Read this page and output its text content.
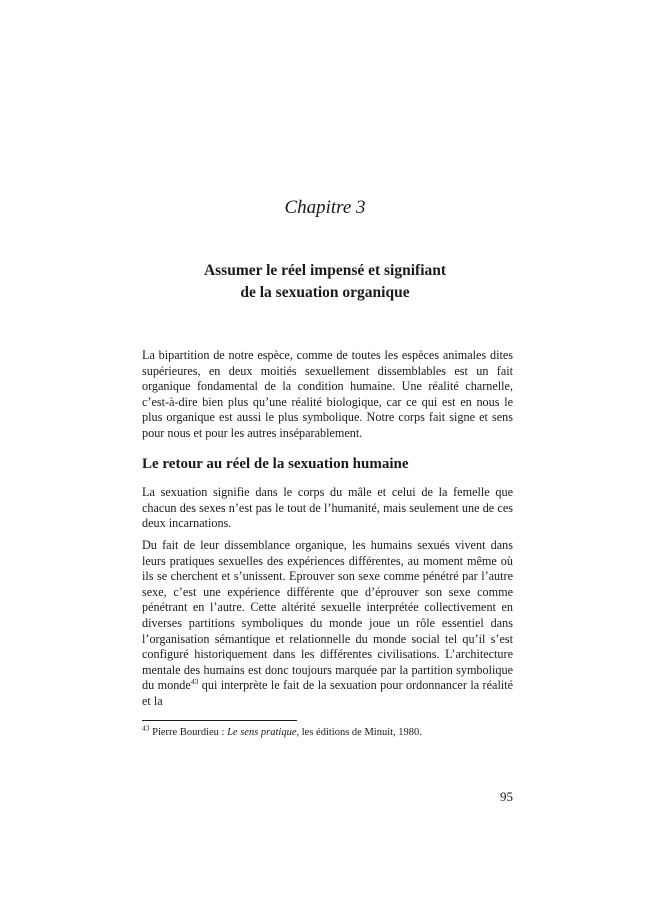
Chapitre 3
Assumer le réel impensé et signifiant
de la sexuation organique

La bipartition de notre espèce, comme de toutes les espèces animales dites supérieures, en deux moitiés sexuellement dissemblables est un fait organique fondamental de la condition humaine. Une réalité charnelle, c’est-à-dire bien plus qu’une réalité biologique, car ce qui est en nous le plus organique est aussi le plus symbolique. Notre corps fait signe et sens pour nous et pour les autres inséparablement.

Le retour au réel de la sexuation humaine

La sexuation signifie dans le corps du mâle et celui de la femelle que chacun des sexes n’est pas le tout de l’humanité, mais seulement une de ces deux incarnations.

Du fait de leur dissemblance organique, les humains sexués vivent dans leurs pratiques sexuelles des expériences différentes, au moment même où ils se cherchent et s’unissent. Eprouver son sexe comme pénétré par l’autre sexe, c’est une expérience différente que d’éprouver son sexe comme pénétrant en l’autre. Cette altérité sexuelle interprétée collectivement en diverses partitions symboliques du monde joue un rôle essentiel dans l’organisation sémantique et relationnelle du monde social tel qu’il s’est configuré historiquement dans les différentes civilisations. L’architecture mentale des humains est donc toujours marquée par la partition symbolique du monde$^{43}$ qui interprète le fait de la sexuation pour ordonnancer la réalité et la

$^{43}$ Pierre Bourdieu : Le sens pratique, les éditions de Minuit, 1980.
95
